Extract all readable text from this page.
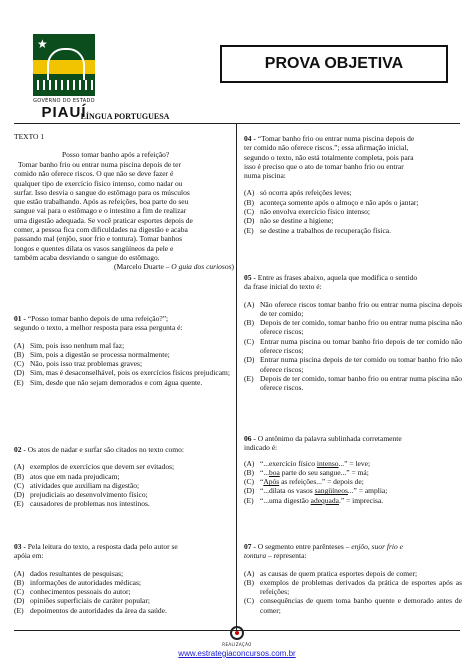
★
GOVERNO DO ESTADO
PIAUÍ
PROVA OBJETIVA
LÍNGUA PORTUGUESA
TEXTO 1
Posso tomar banho após a refeição?
Tomar banho frio ou entrar numa piscina depois de ter
comido não oferece riscos. O que não se deve fazer é
qualquer tipo de exercício físico intenso, como nadar ou
surfar. Isso desvia o sangue do estômago para os músculos
que estão trabalhando. Após as refeições, boa parte do seu
sangue vai para o estômago e o intestino a fim de realizar
uma digestão adequada. Se você praticar esportes depois de
comer, a pessoa fica com dificuldades na digestão e acaba
passando mal (enjôo, suor frio e tontura). Tomar banhos
longos e quentes dilata os vasos sangüíneos da pele e
também acaba desviando o sangue do estômago.
(Marcelo Duarte – O guia dos curiosos)
01 - “Posso tomar banho depois de uma refeição?”;
segundo o texto, a melhor resposta para essa pergunta é:
(A) Sim, pois isso nenhum mal faz;
(B) Sim, pois a digestão se processa normalmente;
(C) Não, pois isso traz problemas graves;
(D) Sim, mas é desaconselhável, pois os exercícios físicos prejudicam;
(E) Sim, desde que não sejam demorados e com água quente.
02 - Os atos de nadar e surfar são citados no texto como:
(A) exemplos de exercícios que devem ser evitados;
(B) atos que em nada prejudicam;
(C) atividades que auxiliam na digestão;
(D) prejudiciais ao desenvolvimento físico;
(E) causadores de problemas nos intestinos.
03 - Pela leitura do texto, a resposta dada pelo autor se
apóia em:
(A) dados resultantes de pesquisas;
(B) informações de autoridades médicas;
(C) conhecimentos pessoais do autor;
(D) opiniões superficiais de caráter popular;
(E) depoimentos de autoridades da área da saúde.
04 - “Tomar banho frio ou entrar numa piscina depois de
ter comido não oferece riscos.”; essa afirmação inicial,
segundo o texto, não está totalmente completa, pois para
isso é preciso que o ato de tomar banho frio ou entrar
numa piscina:
(A) só ocorra após refeições leves;
(B) aconteça somente após o almoço e não após o jantar;
(C) não envolva exercício físico intenso;
(D) não se destine a higiene;
(E) se destine a trabalhos de recuperação física.
05 - Entre as frases abaixo, aquela que modifica o sentido
da frase inicial do texto é:
(A) Não oferece riscos tomar banho frio ou entrar numa piscina depois de ter comido;
(B) Depois de ter comido, tomar banho frio ou entrar numa piscina não oferece riscos;
(C) Entrar numa piscina ou tomar banho frio depois de ter comido não oferece riscos;
(D) Entrar numa piscina depois de ter comido ou tomar banho frio não oferece riscos;
(E) Depois de ter comido, tomar banho frio ou entrar numa piscina não oferece riscos.
06 - O antônimo da palavra sublinhada corretamente
indicado é:
(A) “...exercício físico intenso...” = leve;
(B) “...boa parte do seu sangue...” = má;
(C) “Após as refeições...” = depois de;
(D) “...dilata os vasos sangüíneos...” = amplia;
(E) “...uma digestão adequada.” = imprecisa.
07 - O segmento entre parênteses – enjôo, suor frio e
tontura – representa:
(A) as causas de quem pratica esportes depois de comer;
(B) exemplos de problemas derivados da prática de esportes após as refeições;
(C) consequências de quem toma banho quente e demorado antes de comer;
REALIZAÇÃO
www.estrategiaconcursos.com.br
